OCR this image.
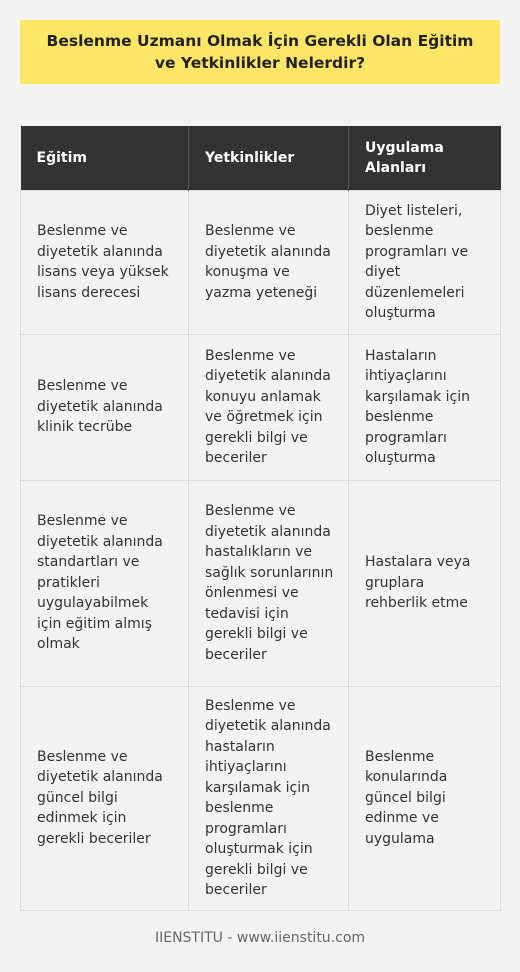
Beslenme Uzmanı Olmak İçin Gerekli Olan Eğitim ve Yetkinlikler Nelerdir?
Eğitim	Yetkinlikler	Uygulama Alanları
Beslenme ve diyetetik alanında lisans veya yüksek lisans derecesi	Beslenme ve diyetetik alanında konuşma ve yazma yeteneği	Diyet listeleri, beslenme programları ve diyet düzenlemeleri oluşturma
Beslenme ve diyetetik alanında klinik tecrübe	Beslenme ve diyetetik alanında konuyu anlamak ve öğretmek için gerekli bilgi ve beceriler	Hastaların ihtiyaçlarını karşılamak için beslenme programları oluşturma
Beslenme ve diyetetik alanında standartları ve pratikleri uygulayabilmek için eğitim almış olmak	Beslenme ve diyetetik alanında hastalıkların ve sağlık sorunlarının önlenmesi ve tedavisi için gerekli bilgi ve beceriler	Hastalara veya gruplara rehberlik etme
Beslenme ve diyetetik alanında güncel bilgi edinmek için gerekli beceriler	Beslenme ve diyetetik alanında hastaların ihtiyaçlarını karşılamak için beslenme programları oluşturmak için gerekli bilgi ve beceriler	Beslenme konularında güncel bilgi edinme ve uygulama
IIENSTITU - www.iienstitu.com
